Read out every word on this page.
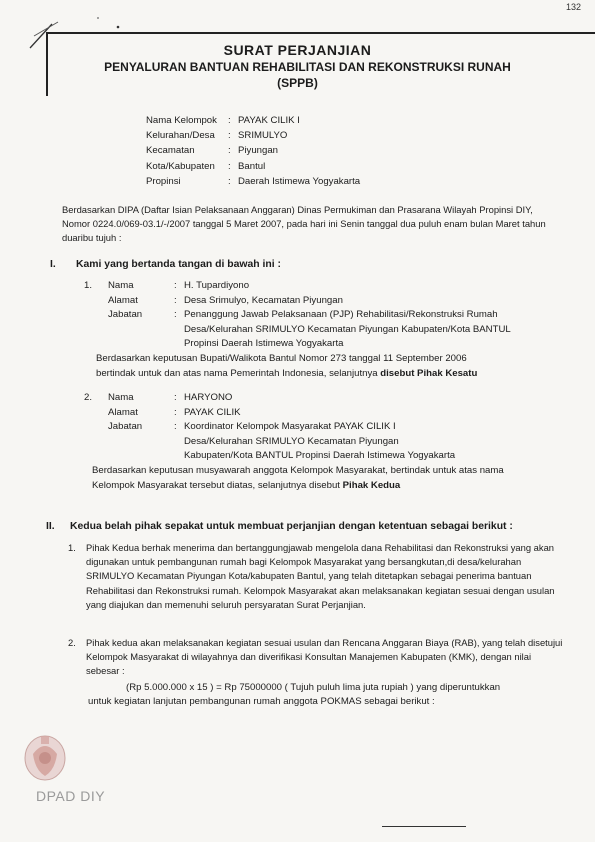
132
SURAT PERJANJIAN
PENYALURAN BANTUAN REHABILITASI DAN REKONSTRUKSI RUNAH
(SPPB)
Nama Kelompok	: PAYAK CILIK I
Kelurahan/Desa	: SRIMULYO
Kecamatan	: Piyungan
Kota/Kabupaten	: Bantul
Propinsi	: Daerah Istimewa Yogyakarta
Berdasarkan DIPA (Daftar Isian Pelaksanaan Anggaran) Dinas Permukiman dan Prasarana Wilayah Propinsi DIY, Nomor 0224.0/069-03.1/-/2007 tanggal 5 Maret 2007, pada hari ini Senin tanggal dua puluh enam bulan Maret tahun duaribu tujuh :
I. Kami yang bertanda tangan di bawah ini :
1.	Nama	: H. Tupardiyono
Alamat	: Desa Srimulyo, Kecamatan Piyungan
Jabatan	: Penanggung Jawab Pelaksanaan (PJP) Rehabilitasi/Rekonstruksi Rumah
Desa/Kelurahan SRIMULYO Kecamatan Piyungan Kabupaten/Kota BANTUL
Propinsi Daerah Istimewa Yogyakarta
Berdasarkan keputusan Bupati/Walikota Bantul Nomor 273 tanggal 11 September 2006
bertindak untuk dan atas nama Pemerintah Indonesia, selanjutnya disebut Pihak Kesatu
2.	Nama	: HARYONO
Alamat	: PAYAK CILIK
Jabatan	: Koordinator Kelompok Masyarakat PAYAK CILIK I
Desa/Kelurahan SRIMULYO Kecamatan Piyungan
Kabupaten/Kota BANTUL Propinsi Daerah Istimewa Yogyakarta
Berdasarkan keputusan musyawarah anggota Kelompok Masyarakat, bertindak untuk atas nama
Kelompok Masyarakat tersebut diatas, selanjutnya disebut Pihak Kedua
II. Kedua belah pihak sepakat untuk membuat perjanjian dengan ketentuan sebagai berikut :
1. Pihak Kedua berhak menerima dan bertanggungjawab mengelola dana Rehabilitasi dan Rekonstruksi yang akan digunakan untuk pembangunan rumah bagi Kelompok Masyarakat yang bersangkutan,di desa/kelurahan SRIMULYO Kecamatan Piyungan Kota/kabupaten Bantul, yang telah ditetapkan sebagai penerima bantuan Rehabilitasi dan Rekonstruksi rumah. Kelompok Masyarakat akan melaksanakan kegiatan sesuai dengan usulan yang diajukan dan memenuhi seluruh persyaratan Surat Perjanjian.
2. Pihak kedua akan melaksanakan kegiatan sesuai usulan dan Rencana Anggaran Biaya (RAB), yang telah disetujui Kelompok Masyarakat di wilayahnya dan diverifikasi Konsultan Manajemen Kabupaten (KMK), dengan nilai sebesar :
(Rp 5.000.000 x 15 ) = Rp 75000000 ( Tujuh puluh lima juta rupiah ) yang diperuntukkan
untuk kegiatan lanjutan pembangunan rumah anggota POKMAS sebagai berikut :
DPAD DIY
